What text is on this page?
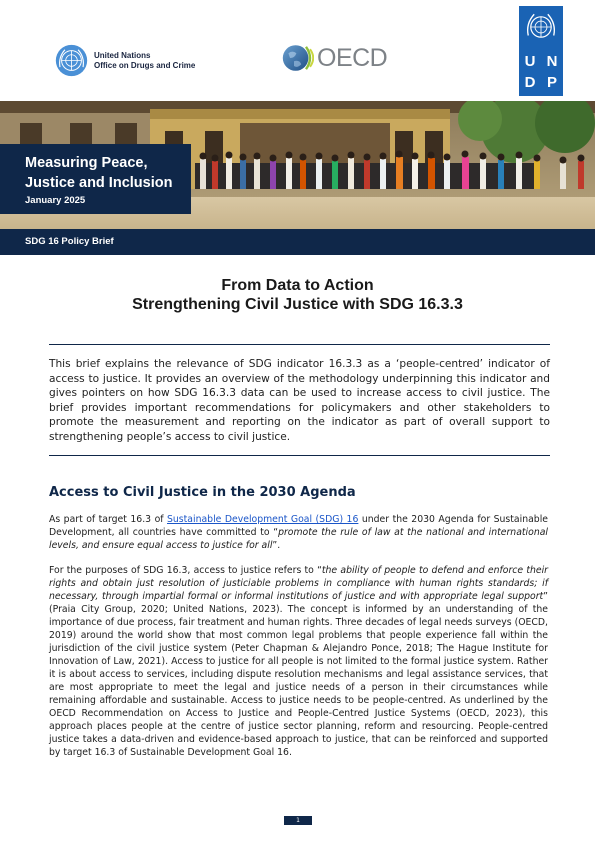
United Nations
Office on Drugs and Crime	OECD	U N
D P
Measuring Peace, Justice and Inclusion
January 2025
SDG 16 Policy Brief
From Data to Action
Strengthening Civil Justice with SDG 16.3.3

This brief explains the relevance of SDG indicator 16.3.3 as a ‘people-centred’ indicator of access to justice. It provides an overview of the methodology underpinning this indicator and gives pointers on how SDG 16.3.3 data can be used to increase access to civil justice. The brief provides important recommendations for policymakers and other stakeholders to promote the measurement and reporting on the indicator as part of overall support to strengthening people’s access to civil justice.

Access to Civil Justice in the 2030 Agenda

As part of target 16.3 of Sustainable Development Goal (SDG) 16 under the 2030 Agenda for Sustainable Development, all countries have committed to “promote the rule of law at the national and international levels, and ensure equal access to justice for all”.

For the purposes of SDG 16.3, access to justice refers to “the ability of people to defend and enforce their rights and obtain just resolution of justiciable problems in compliance with human rights standards; if necessary, through impartial formal or informal institutions of justice and with appropriate legal support” (Praia City Group, 2020; United Nations, 2023). The concept is informed by an understanding of the importance of due process, fair treatment and human rights. Three decades of legal needs surveys (OECD, 2019) around the world show that most common legal problems that people experience fall within the jurisdiction of the civil justice system (Peter Chapman & Alejandro Ponce, 2018; The Hague Institute for Innovation of Law, 2021). Access to justice for all people is not limited to the formal justice system. Rather it is about access to services, including dispute resolution mechanisms and legal assistance services, that are most appropriate to meet the legal and justice needs of a person in their circumstances while remaining affordable and sustainable. Access to justice needs to be people-centred. As underlined by the OECD Recommendation on Access to Justice and People-Centred Justice Systems (OECD, 2023), this approach places people at the centre of justice sector planning, reform and resourcing. People-centred justice takes a data-driven and evidence-based approach to justice, that can be reinforced and supported by target 16.3 of Sustainable Development Goal 16.

1
